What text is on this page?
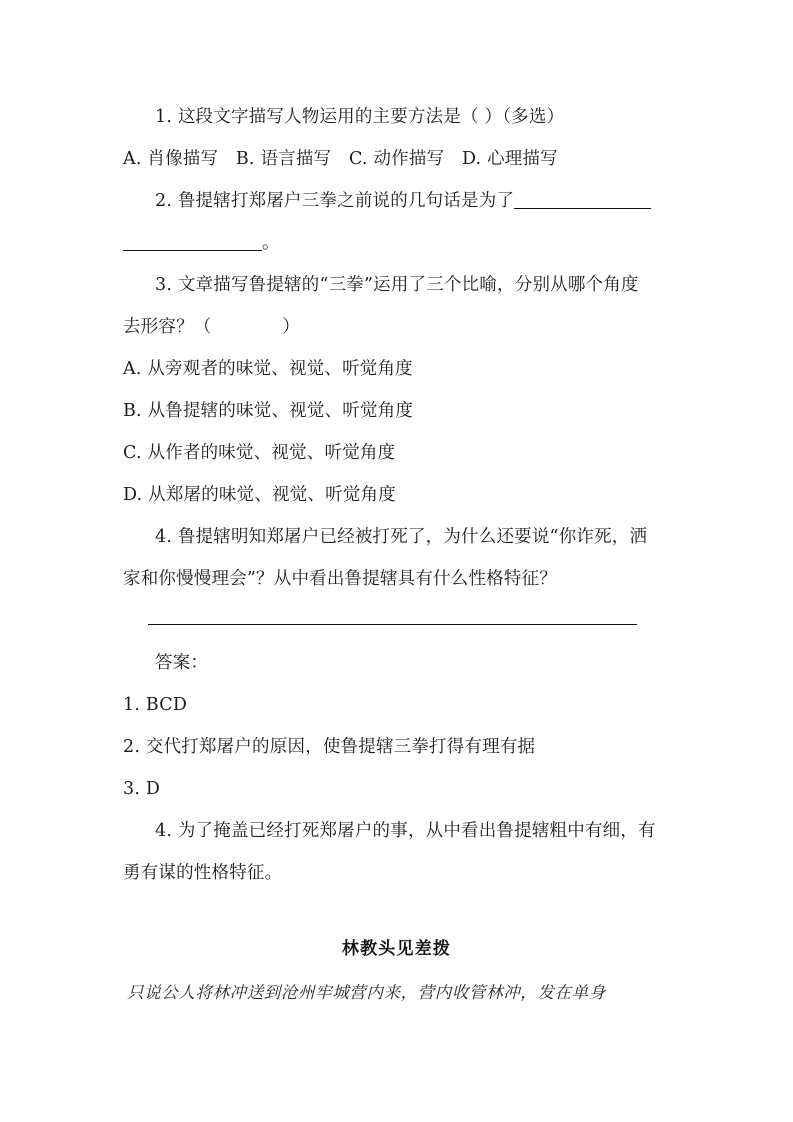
1. 这段文字描写人物运用的主要方法是（ ）（多选）
A. 肖像描写　B. 语言描写　C. 动作描写　D. 心理描写
2. 鲁提辖打郑屠户三拳之前说的几句话是为了
。
3. 文章描写鲁提辖的“三拳”运用了三个比喻，分别从哪个角度
去形容？（　　　　）
A. 从旁观者的味觉、视觉、听觉角度
B. 从鲁提辖的味觉、视觉、听觉角度
C. 从作者的味觉、视觉、听觉角度
D. 从郑屠的味觉、视觉、听觉角度
4. 鲁提辖明知郑屠户已经被打死了，为什么还要说“你诈死，洒
家和你慢慢理会”？从中看出鲁提辖具有什么性格特征？
答案：
1. BCD
2. 交代打郑屠户的原因，使鲁提辖三拳打得有理有据
3. D
4. 为了掩盖已经打死郑屠户的事，从中看出鲁提辖粗中有细，有
勇有谋的性格特征。
林教头见差拨
只说公人将林冲送到沧州牢城营内来，营内收管林冲，发在单身
